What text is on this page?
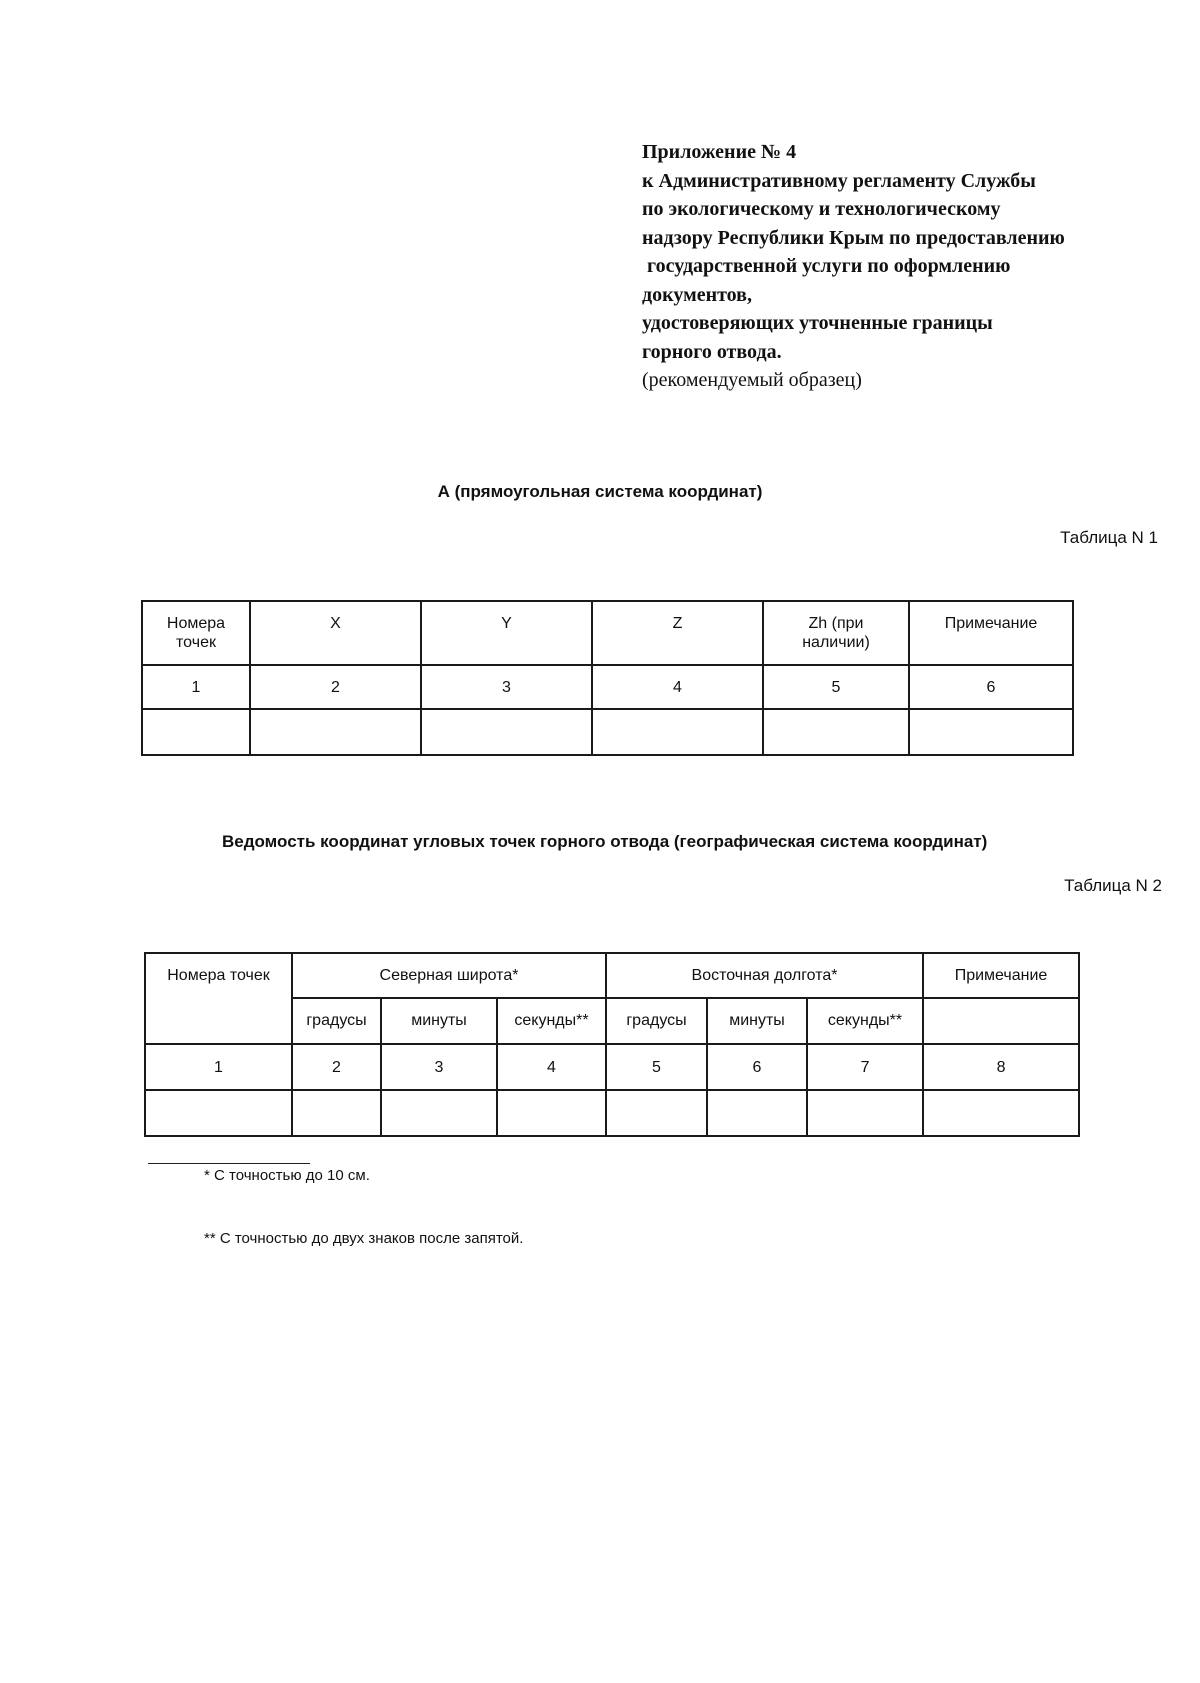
Приложение № 4
к Административному регламенту Службы
по экологическому и технологическому
надзору Республики Крым по предоставлению
государственной услуги по оформлению
документов,
удостоверяющих уточненные границы
горного отвода.
(рекомендуемый образец)
А (прямоугольная система координат)
Таблица N 1
Номера точек	X	Y	Z	Zh (при наличии)	Примечание
1	2	3	4	5	6

Ведомость координат угловых точек горного отвода (географическая система координат)
Таблица N 2
Номера точек	Северная широта*			Восточная долгота*			Примечание
	градусы	минуты	секунды**	градусы	минуты	секунды**	
1	2	3	4	5	6	7	8

* С точностью до 10 см.
** С точностью до двух знаков после запятой.
